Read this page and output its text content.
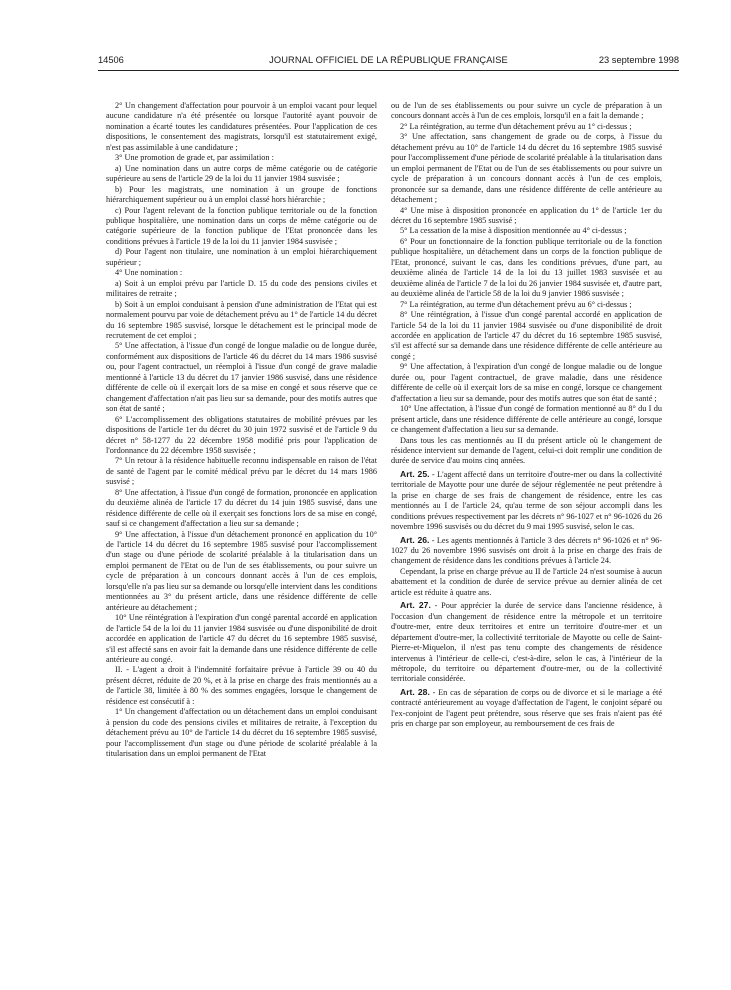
14506	JOURNAL OFFICIEL DE LA RÉPUBLIQUE FRANÇAISE	23 septembre 1998

2° Un changement d'affectation pour pourvoir à un emploi vacant pour lequel aucune candidature n'a été présentée ou lorsque l'autorité ayant pouvoir de nomination a écarté toutes les candidatures présentées. Pour l'application de ces dispositions, le consentement des magistrats, lorsqu'il est statutairement exigé, n'est pas assimilable à une candidature ;

3° Une promotion de grade et, par assimilation :

a) Une nomination dans un autre corps de même catégorie ou de catégorie supérieure au sens de l'article 29 de la loi du 11 janvier 1984 susvisée ;

b) Pour les magistrats, une nomination à un groupe de fonctions hiérarchiquement supérieur ou à un emploi classé hors hiérarchie ;

c) Pour l'agent relevant de la fonction publique territoriale ou de la fonction publique hospitalière, une nomination dans un corps de même catégorie ou de catégorie supérieure de la fonction publique de l'Etat prononcée dans les conditions prévues à l'article 19 de la loi du 11 janvier 1984 susvisée ;

d) Pour l'agent non titulaire, une nomination à un emploi hiérarchiquement supérieur ;

4° Une nomination :

a) Soit à un emploi prévu par l'article D. 15 du code des pensions civiles et militaires de retraite ;

b) Soit à un emploi conduisant à pension d'une administration de l'Etat qui est normalement pourvu par voie de détachement prévu au 1° de l'article 14 du décret du 16 septembre 1985 susvisé, lorsque le détachement est le principal mode de recrutement de cet emploi ;

5° Une affectation, à l'issue d'un congé de longue maladie ou de longue durée, conformément aux dispositions de l'article 46 du décret du 14 mars 1986 susvisé ou, pour l'agent contractuel, un réemploi à l'issue d'un congé de grave maladie mentionné à l'article 13 du décret du 17 janvier 1986 susvisé, dans une résidence différente de celle où il exerçait lors de sa mise en congé et sous réserve que ce changement d'affectation n'ait pas lieu sur sa demande, pour des motifs autres que son état de santé ;

6° L'accomplissement des obligations statutaires de mobilité prévues par les dispositions de l'article 1er du décret du 30 juin 1972 susvisé et de l'article 9 du décret n° 58-1277 du 22 décembre 1958 modifié pris pour l'application de l'ordonnance du 22 décembre 1958 susvisée ;

7° Un retour à la résidence habituelle reconnu indispensable en raison de l'état de santé de l'agent par le comité médical prévu par le décret du 14 mars 1986 susvisé ;

8° Une affectation, à l'issue d'un congé de formation, prononcée en application du deuxième alinéa de l'article 17 du décret du 14 juin 1985 susvisé, dans une résidence différente de celle où il exerçait ses fonctions lors de sa mise en congé, sauf si ce changement d'affectation a lieu sur sa demande ;

9° Une affectation, à l'issue d'un détachement prononcé en application du 10° de l'article 14 du décret du 16 septembre 1985 susvisé pour l'accomplissement d'un stage ou d'une période de scolarité préalable à la titularisation dans un emploi permanent de l'Etat ou de l'un de ses établissements, ou pour suivre un cycle de préparation à un concours donnant accès à l'un de ces emplois, lorsqu'elle n'a pas lieu sur sa demande ou lorsqu'elle intervient dans les conditions mentionnées au 3° du présent article, dans une résidence différente de celle antérieure au détachement ;

10° Une réintégration à l'expiration d'un congé parental accordé en application de l'article 54 de la loi du 11 janvier 1984 susvisée ou d'une disponibilité de droit accordée en application de l'article 47 du décret du 16 septembre 1985 susvisé, s'il est affecté sans en avoir fait la demande dans une résidence différente de celle antérieure au congé.

II. - L'agent a droit à l'indemnité forfaitaire prévue à l'article 39 ou 40 du présent décret, réduite de 20 %, et à la prise en charge des frais mentionnés au a de l'article 38, limitée à 80 % des sommes engagées, lorsque le changement de résidence est consécutif à :

1° Un changement d'affectation ou un détachement dans un emploi conduisant à pension du code des pensions civiles et militaires de retraite, à l'exception du détachement prévu au 10° de l'article 14 du décret du 16 septembre 1985 susvisé, pour l'accomplissement d'un stage ou d'une période de scolarité préalable à la titularisation dans un emploi permanent de l'Etat

ou de l'un de ses établissements ou pour suivre un cycle de préparation à un concours donnant accès à l'un de ces emplois, lorsqu'il en a fait la demande ;

2° La réintégration, au terme d'un détachement prévu au 1° ci-dessus ;

3° Une affectation, sans changement de grade ou de corps, à l'issue du détachement prévu au 10° de l'article 14 du décret du 16 septembre 1985 susvisé pour l'accomplissement d'une période de scolarité préalable à la titularisation dans un emploi permanent de l'Etat ou de l'un de ses établissements ou pour suivre un cycle de préparation à un concours donnant accès à l'un de ces emplois, prononcée sur sa demande, dans une résidence différente de celle antérieure au détachement ;

4° Une mise à disposition prononcée en application du 1° de l'article 1er du décret du 16 septembre 1985 susvisé ;

5° La cessation de la mise à disposition mentionnée au 4° ci-dessus ;

6° Pour un fonctionnaire de la fonction publique territoriale ou de la fonction publique hospitalière, un détachement dans un corps de la fonction publique de l'Etat, prononcé, suivant le cas, dans les conditions prévues, d'une part, au deuxième alinéa de l'article 14 de la loi du 13 juillet 1983 susvisée et au deuxième alinéa de l'article 7 de la loi du 26 janvier 1984 susvisée et, d'autre part, au deuxième alinéa de l'article 58 de la loi du 9 janvier 1986 susvisée ;

7° La réintégration, au terme d'un détachement prévu au 6° ci-dessus ;

8° Une réintégration, à l'issue d'un congé parental accordé en application de l'article 54 de la loi du 11 janvier 1984 susvisée ou d'une disponibilité de droit accordée en application de l'article 47 du décret du 16 septembre 1985 susvisé, s'il est affecté sur sa demande dans une résidence différente de celle antérieure au congé ;

9° Une affectation, à l'expiration d'un congé de longue maladie ou de longue durée ou, pour l'agent contractuel, de grave maladie, dans une résidence différente de celle où il exerçait lors de sa mise en congé, lorsque ce changement d'affectation a lieu sur sa demande, pour des motifs autres que son état de santé ;

10° Une affectation, à l'issue d'un congé de formation mentionné au 8° du I du présent article, dans une résidence différente de celle antérieure au congé, lorsque ce changement d'affectation a lieu sur sa demande.

Dans tous les cas mentionnés au II du présent article où le changement de résidence intervient sur demande de l'agent, celui-ci doit remplir une condition de durée de service d'au moins cinq années.

Art. 25. - L'agent affecté dans un territoire d'outre-mer ou dans la collectivité territoriale de Mayotte pour une durée de séjour réglementée ne peut prétendre à la prise en charge de ses frais de changement de résidence, entre les cas mentionnés au I de l'article 24, qu'au terme de son séjour accompli dans les conditions prévues respectivement par les décrets n° 96-1027 et n° 96-1026 du 26 novembre 1996 susvisés ou du décret du 9 mai 1995 susvisé, selon le cas.

Art. 26. - Les agents mentionnés à l'article 3 des décrets n° 96-1026 et n° 96-1027 du 26 novembre 1996 susvisés ont droit à la prise en charge des frais de changement de résidence dans les conditions prévues à l'article 24.

Cependant, la prise en charge prévue au II de l'article 24 n'est soumise à aucun abattement et la condition de durée de service prévue au dernier alinéa de cet article est réduite à quatre ans.

Art. 27. - Pour apprécier la durée de service dans l'ancienne résidence, à l'occasion d'un changement de résidence entre la métropole et un territoire d'outre-mer, entre deux territoires et entre un territoire d'outre-mer et un département d'outre-mer, la collectivité territoriale de Mayotte ou celle de Saint-Pierre-et-Miquelon, il n'est pas tenu compte des changements de résidence intervenus à l'intérieur de celle-ci, c'est-à-dire, selon le cas, à l'intérieur de la métropole, du territoire ou département d'outre-mer, ou de la collectivité territoriale considérée.

Art. 28. - En cas de séparation de corps ou de divorce et si le mariage a été contracté antérieurement au voyage d'affectation de l'agent, le conjoint séparé ou l'ex-conjoint de l'agent peut prétendre, sous réserve que ses frais n'aient pas été pris en charge par son employeur, au remboursement de ces frais de
